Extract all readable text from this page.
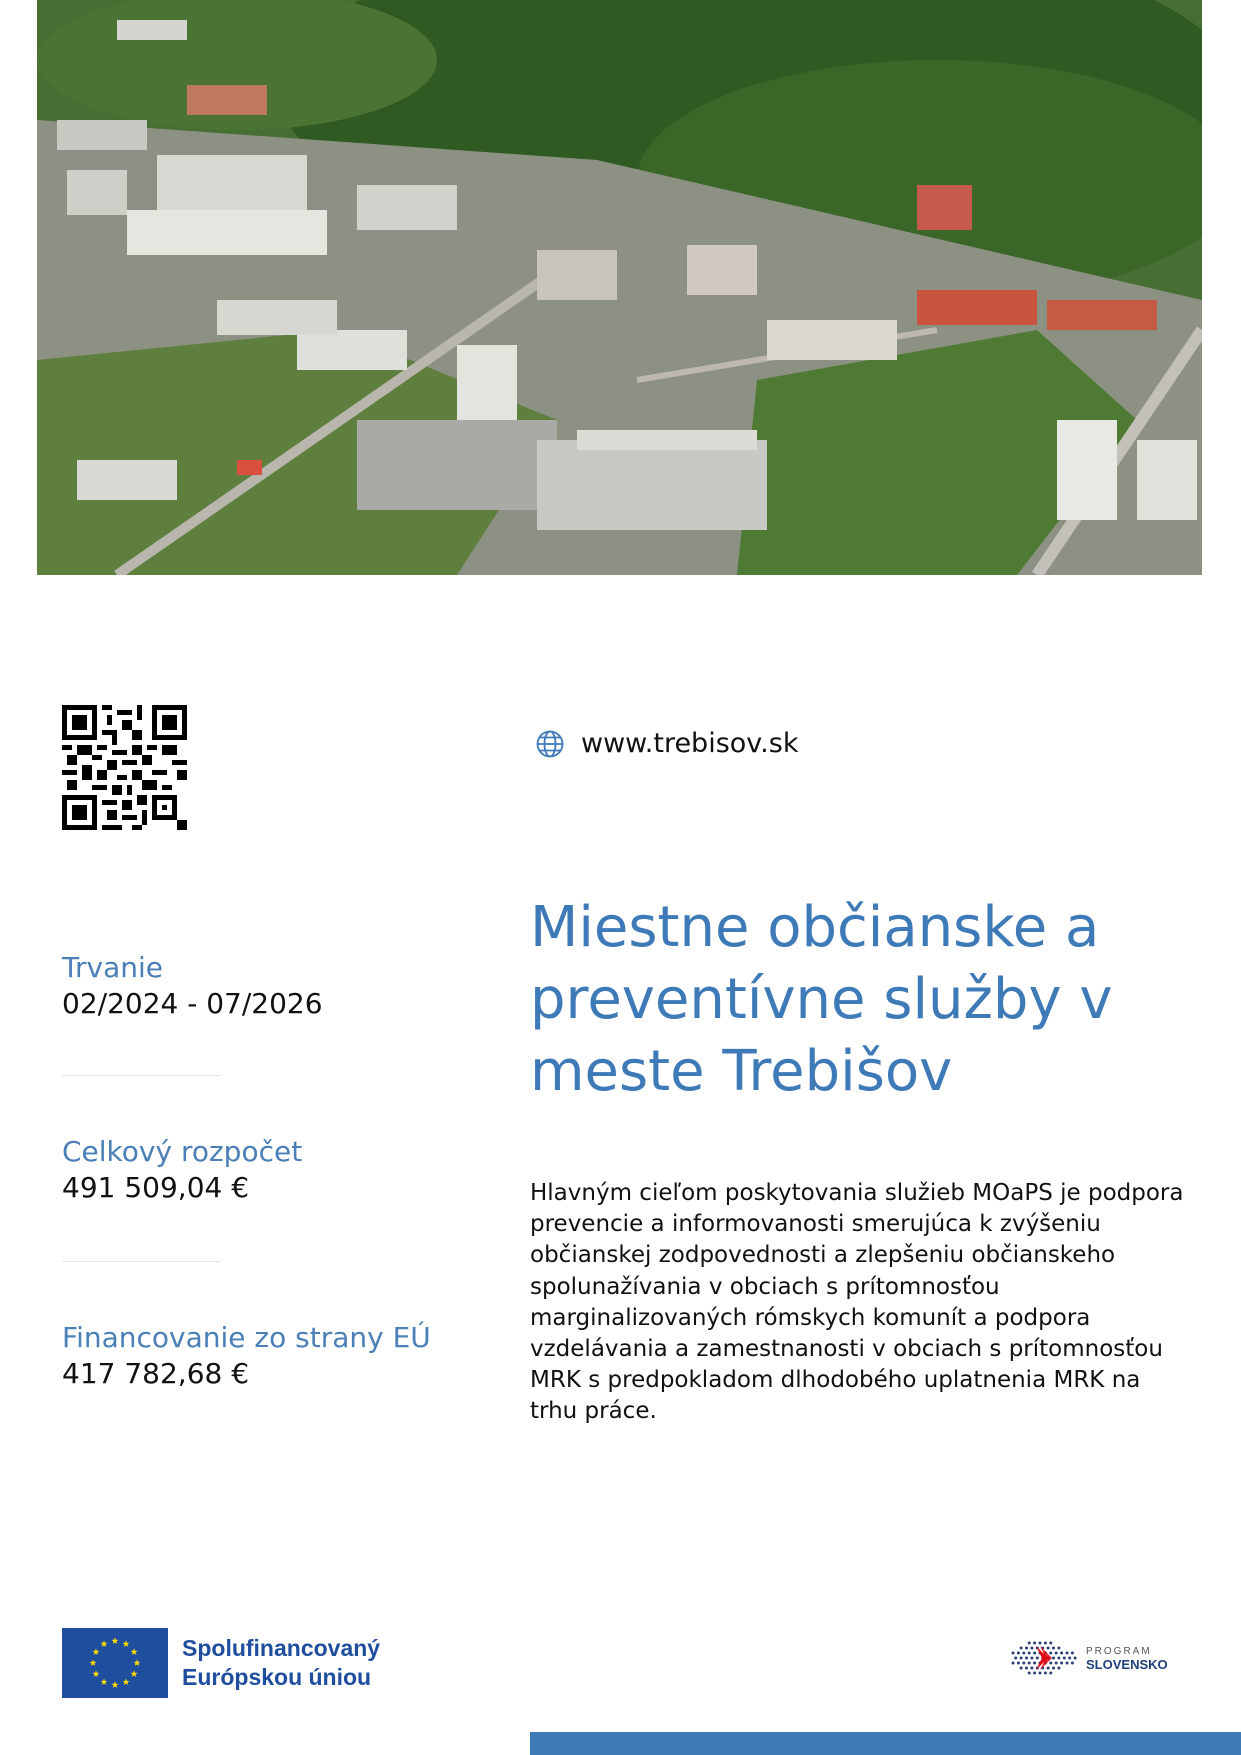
www.trebisov.sk
Trvanie
02/2024 - 07/2026
Celkový rozpočet
491 509,04 €
Financovanie zo strany EÚ
417 782,68 €
Miestne občianske a preventívne služby v meste Trebišov

Hlavným cieľom poskytovania služieb MOaPS je podpora prevencie a informovanosti smerujúca k zvýšeniu občianskej zodpovednosti a zlepšeniu občianskeho spolunažívania v obciach s prítomnosťou marginalizovaných rómskych komunít a podpora vzdelávania a zamestnanosti v obciach s prítomnosťou MRK s predpokladom dlhodobého uplatnenia MRK na trhu práce.

Spolufinancovaný
Európskou úniou
PROGRAM
SLOVENSKO
